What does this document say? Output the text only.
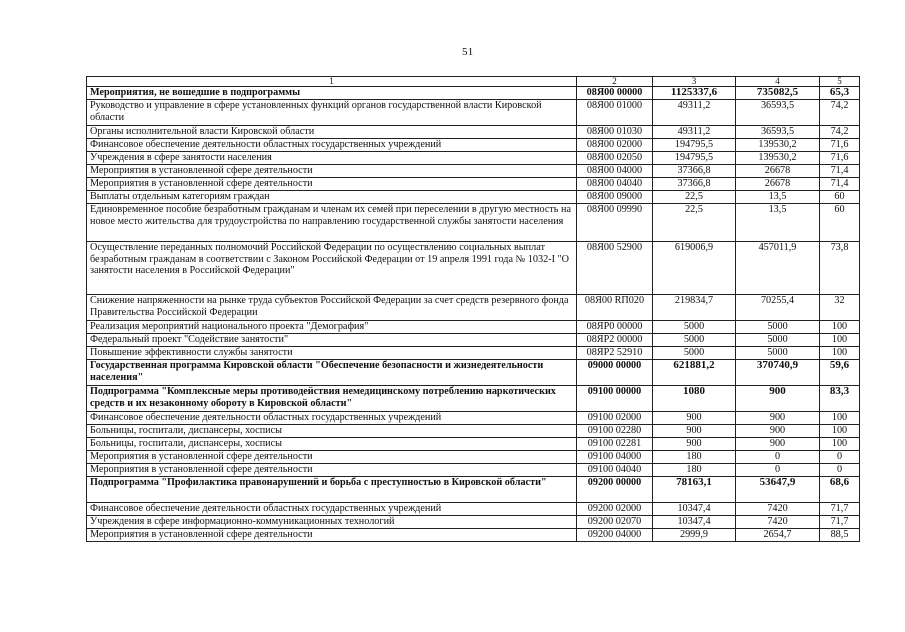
51
1	2	3	4	5
Мероприятия, не вошедшие в подпрограммы	08Я00 00000	1125337,6	735082,5	65,3
Руководство и управление в сфере установленных функций органов государственной власти Кировской области	08Я00 01000	49311,2	36593,5	74,2
Органы исполнительной власти Кировской области	08Я00 01030	49311,2	36593,5	74,2
Финансовое обеспечение деятельности областных государственных учреждений	08Я00 02000	194795,5	139530,2	71,6
Учреждения в сфере занятости населения	08Я00 02050	194795,5	139530,2	71,6
Мероприятия в установленной сфере деятельности	08Я00 04000	37366,8	26678	71,4
Мероприятия в установленной сфере деятельности	08Я00 04040	37366,8	26678	71,4
Выплаты отдельным категориям граждан	08Я00 09000	22,5	13,5	60
Единовременное пособие безработным гражданам и членам их семей при переселении в другую местность на новое место жительства для трудоустройства по направлению государственной службы занятости населения	08Я00 09990	22,5	13,5	60
Осуществление переданных полномочий Российской Федерации по осуществлению социальных выплат безработным гражданам в соответствии с Законом Российской Федерации от 19 апреля 1991 года № 1032-I "О занятости населения в Российской Федерации"	08Я00 52900	619006,9	457011,9	73,8
Снижение напряженности на рынке труда субъектов Российской Федерации за счет средств резервного фонда Правительства Российской Федерации	08Я00 RП020	219834,7	70255,4	32
Реализация мероприятий национального проекта "Демография"	08ЯР0 00000	5000	5000	100
Федеральный проект "Содействие занятости"	08ЯР2 00000	5000	5000	100
Повышение эффективности службы занятости	08ЯР2 52910	5000	5000	100
Государственная программа Кировской области "Обеспечение безопасности и жизнедеятельности населения"	09000 00000	621881,2	370740,9	59,6
Подпрограмма "Комплексные меры противодействия немедицинскому потреблению наркотических средств и их незаконному обороту в Кировской области"	09100 00000	1080	900	83,3
Финансовое обеспечение деятельности областных государственных учреждений	09100 02000	900	900	100
Больницы, госпитали, диспансеры, хосписы	09100 02280	900	900	100
Больницы, госпитали, диспансеры, хосписы	09100 02281	900	900	100
Мероприятия в установленной сфере деятельности	09100 04000	180	0	0
Мероприятия в установленной сфере деятельности	09100 04040	180	0	0
Подпрограмма "Профилактика правонарушений и борьба с преступностью в Кировской области"	09200 00000	78163,1	53647,9	68,6
Финансовое обеспечение деятельности областных государственных учреждений	09200 02000	10347,4	7420	71,7
Учреждения в сфере информационно-коммуникационных технологий	09200 02070	10347,4	7420	71,7
Мероприятия в установленной сфере деятельности	09200 04000	2999,9	2654,7	88,5
